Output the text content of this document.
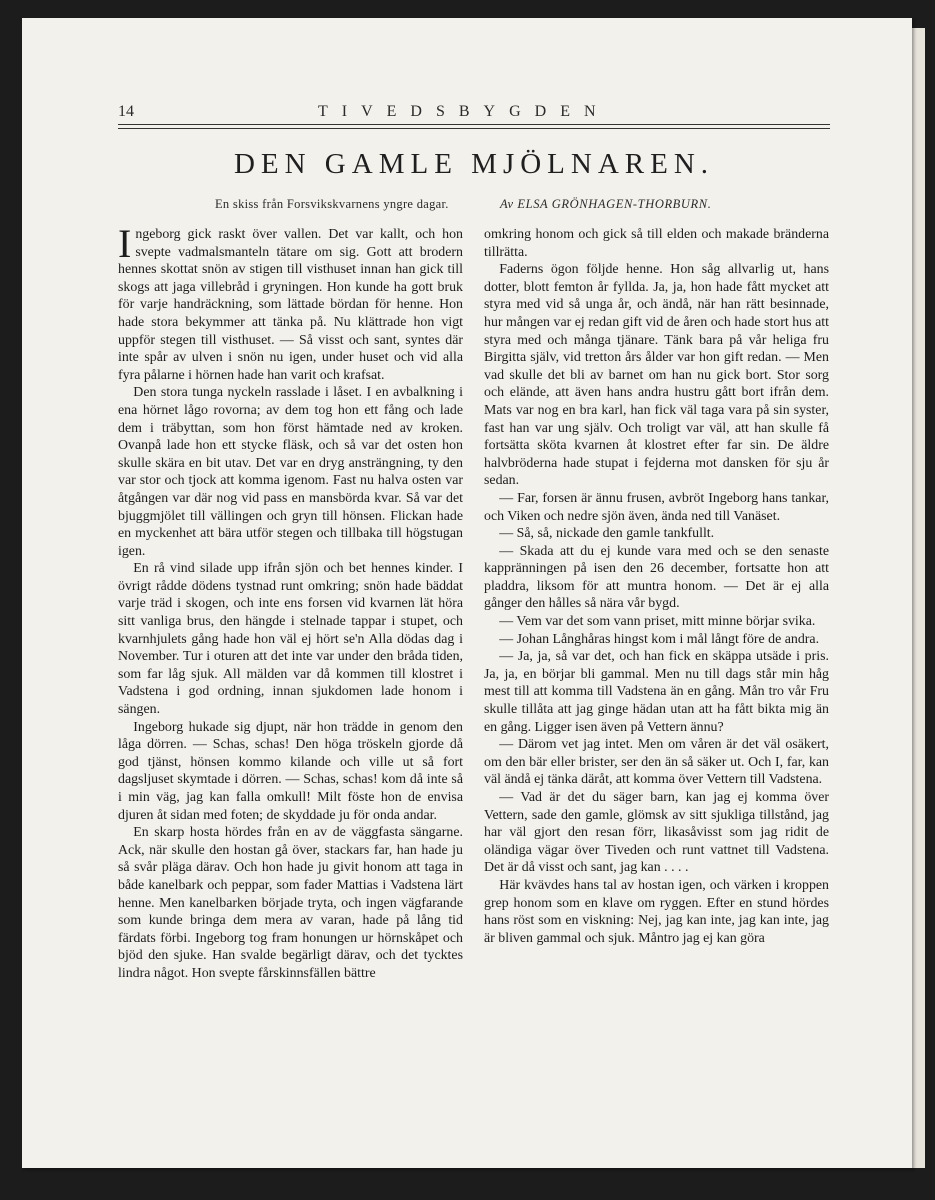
14	TIVEDSBYGDEN
DEN GAMLE MJÖLNAREN.
En skiss från Forsvikskvarnens yngre dagar.	Av ELSA GRÖNHAGEN-THORBURN.

Ingeborg gick raskt över vallen. Det var kallt, och hon svepte vadmalsmanteln tätare om sig. Gott att brodern hennes skottat snön av stigen till visthuset innan han gick till skogs att jaga villebråd i gryningen. Hon kunde ha gott bruk för varje handräckning, som lättade bördan för henne. Hon hade stora bekymmer att tänka på. Nu klättrade hon vigt uppför stegen till visthuset. — Så visst och sant, syntes där inte spår av ulven i snön nu igen, under huset och vid alla fyra pålarne i hörnen hade han varit och krafsat.

Den stora tunga nyckeln rasslade i låset. I en avbalkning i ena hörnet lågo rovorna; av dem tog hon ett fång och lade dem i träbyttan, som hon först hämtade ned av kroken. Ovanpå lade hon ett stycke fläsk, och så var det osten hon skulle skära en bit utav. Det var en dryg ansträngning, ty den var stor och tjock att komma igenom. Fast nu halva osten var åtgången var där nog vid pass en mansbörda kvar. Så var det bjuggmjölet till vällingen och gryn till hönsen. Flickan hade en myckenhet att bära utför stegen och tillbaka till högstugan igen.

En rå vind silade upp ifrån sjön och bet hennes kinder. I övrigt rådde dödens tystnad runt omkring; snön hade bäddat varje träd i skogen, och inte ens forsen vid kvarnen lät höra sitt vanliga brus, den hängde i stelnade tappar i stupet, och kvarnhjulets gång hade hon väl ej hört se'n Alla dödas dag i November. Tur i oturen att det inte var under den bråda tiden, som far låg sjuk. All mälden var då kommen till klostret i Vadstena i god ordning, innan sjukdomen lade honom i sängen.

Ingeborg hukade sig djupt, när hon trädde in genom den låga dörren. — Schas, schas! Den höga tröskeln gjorde då god tjänst, hönsen kommo kilande och ville ut så fort dagsljuset skymtade i dörren. — Schas, schas! kom då inte så i min väg, jag kan falla omkull! Milt föste hon de envisa djuren åt sidan med foten; de skyddade ju för onda andar.

En skarp hosta hördes från en av de väggfasta sängarne. Ack, när skulle den hostan gå över, stackars far, han hade ju så svår pläga därav. Och hon hade ju givit honom att taga in både kanelbark och peppar, som fader Mattias i Vadstena lärt henne. Men kanelbarken började tryta, och ingen vägfarande som kunde bringa dem mera av varan, hade på lång tid färdats förbi. Ingeborg tog fram honungen ur hörnskåpet och bjöd den sjuke. Han svalde begärligt därav, och det tycktes lindra något. Hon svepte fårskinnsfällen bättre

omkring honom och gick så till elden och makade bränderna tillrätta.

Faderns ögon följde henne. Hon såg allvarlig ut, hans dotter, blott femton år fyllda. Ja, ja, hon hade fått mycket att styra med vid så unga år, och ändå, när han rätt besinnade, hur mången var ej redan gift vid de åren och hade stort hus att styra med och många tjänare. Tänk bara på vår heliga fru Birgitta själv, vid tretton års ålder var hon gift redan. — Men vad skulle det bli av barnet om han nu gick bort. Stor sorg och elände, att även hans andra hustru gått bort ifrån dem. Mats var nog en bra karl, han fick väl taga vara på sin syster, fast han var ung själv. Och troligt var väl, att han skulle få fortsätta sköta kvarnen åt klostret efter far sin. De äldre halvbröderna hade stupat i fejderna mot dansken för sju år sedan.

— Far, forsen är ännu frusen, avbröt Ingeborg hans tankar, och Viken och nedre sjön även, ända ned till Vanäset.

— Så, så, nickade den gamle tankfullt.

— Skada att du ej kunde vara med och se den senaste kappränningen på isen den 26 december, fortsatte hon att pladdra, liksom för att muntra honom. — Det är ej alla gånger den hålles så nära vår bygd.

— Vem var det som vann priset, mitt minne börjar svika.

— Johan Långhåras hingst kom i mål långt före de andra.

— Ja, ja, så var det, och han fick en skäppa utsäde i pris. Ja, ja, en börjar bli gammal. Men nu till dags står min håg mest till att komma till Vadstena än en gång. Mån tro vår Fru skulle tillåta att jag ginge hädan utan att ha fått bikta mig än en gång. Ligger isen även på Vettern ännu?

— Därom vet jag intet. Men om våren är det väl osäkert, om den bär eller brister, ser den än så säker ut. Och I, far, kan väl ändå ej tänka däråt, att komma över Vettern till Vadstena.

— Vad är det du säger barn, kan jag ej komma över Vettern, sade den gamle, glömsk av sitt sjukliga tillstånd, jag har väl gjort den resan förr, likasåvisst som jag ridit de oländiga vägar över Tiveden och runt vattnet till Vadstena. Det är då visst och sant, jag kan . . . .

Här kvävdes hans tal av hostan igen, och värken i kroppen grep honom som en klave om ryggen. Efter en stund hördes hans röst som en viskning: Nej, jag kan inte, jag kan inte, jag är bliven gammal och sjuk. Måntro jag ej kan göra
